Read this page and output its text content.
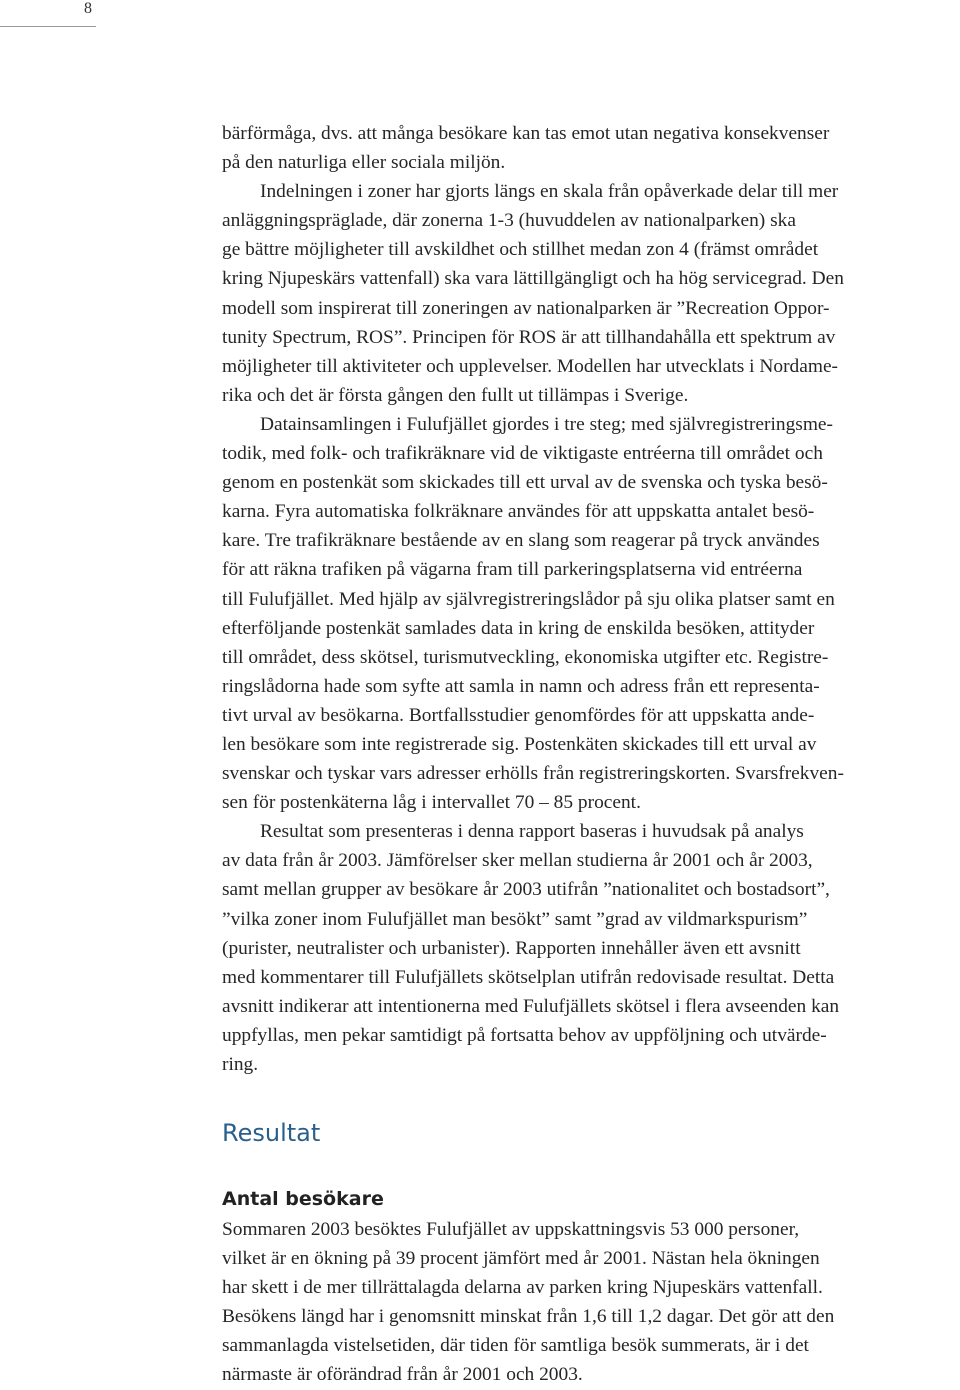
8
bärförmåga, dvs. att många besökare kan tas emot utan negativa konsekvenser
på den naturliga eller sociala miljön.
Indelningen i zoner har gjorts längs en skala från opåverkade delar till mer
anläggningspräglade, där zonerna 1-3 (huvuddelen av nationalparken) ska
ge bättre möjligheter till avskildhet och stillhet medan zon 4 (främst området
kring Njupeskärs vattenfall) ska vara lättillgängligt och ha hög servicegrad. Den
modell som inspirerat till zoneringen av nationalparken är ”Recreation Oppor-
tunity Spectrum, ROS”. Principen för ROS är att tillhandahålla ett spektrum av
möjligheter till aktiviteter och upplevelser. Modellen har utvecklats i Nordame-
rika och det är första gången den fullt ut tillämpas i Sverige.
Datainsamlingen i Fulufjället gjordes i tre steg; med självregistreringsme-
todik, med folk- och trafikräknare vid de viktigaste entréerna till området och
genom en postenkät som skickades till ett urval av de svenska och tyska besö-
karna. Fyra automatiska folkräknare användes för att uppskatta antalet besö-
kare. Tre trafikräknare bestående av en slang som reagerar på tryck användes
för att räkna trafiken på vägarna fram till parkeringsplatserna vid entréerna
till Fulufjället. Med hjälp av självregistreringslådor på sju olika platser samt en
efterföljande postenkät samlades data in kring de enskilda besöken, attityder
till området, dess skötsel, turismutveckling, ekonomiska utgifter etc. Registre-
ringslådorna hade som syfte att samla in namn och adress från ett representa-
tivt urval av besökarna. Bortfallsstudier genomfördes för att uppskatta ande-
len besökare som inte registrerade sig. Postenkäten skickades till ett urval av
svenskar och tyskar vars adresser erhölls från registreringskorten. Svarsfrekven-
sen för postenkäterna låg i intervallet 70 – 85 procent.
Resultat som presenteras i denna rapport baseras i huvudsak på analys
av data från år 2003. Jämförelser sker mellan studierna år 2001 och år 2003,
samt mellan grupper av besökare år 2003 utifrån ”nationalitet och bostadsort”,
”vilka zoner inom Fulufjället man besökt” samt ”grad av vildmarkspurism”
(purister, neutralister och urbanister). Rapporten innehåller även ett avsnitt
med kommentarer till Fulufjällets skötselplan utifrån redovisade resultat. Detta
avsnitt indikerar att intentionerna med Fulufjällets skötsel i flera avseenden kan
uppfyllas, men pekar samtidigt på fortsatta behov av uppföljning och utvärde-
ring.
Resultat
Antal besökare
Sommaren 2003 besöktes Fulufjället av uppskattningsvis 53 000 personer,
vilket är en ökning på 39 procent jämfört med år 2001. Nästan hela ökningen
har skett i de mer tillrättalagda delarna av parken kring Njupeskärs vattenfall.
Besökens längd har i genomsnitt minskat från 1,6 till 1,2 dagar. Det gör att den
sammanlagda vistelsetiden, där tiden för samtliga besök summerats, är i det
närmaste är oförändrad från år 2001 och 2003.
